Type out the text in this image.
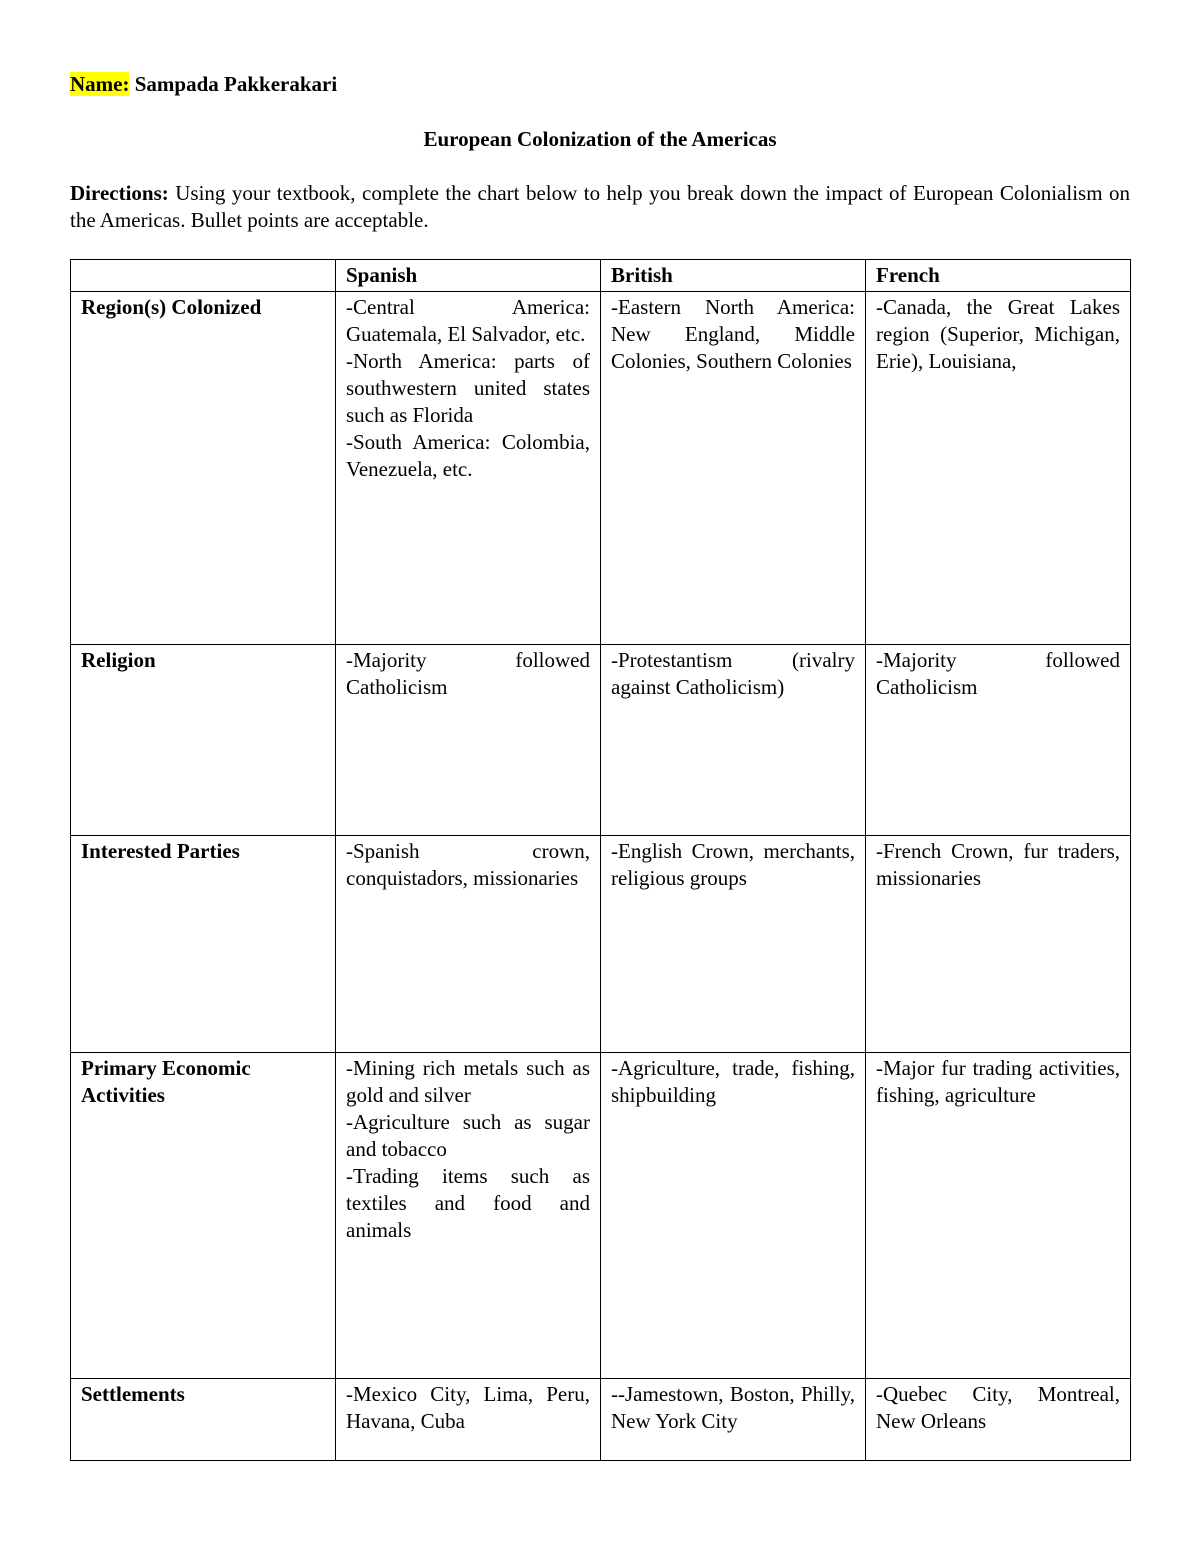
Name: Sampada Pakkerakari
European Colonization of the Americas
Directions: Using your textbook, complete the chart below to help you break down the impact of European Colonialism on the Americas. Bullet points are acceptable.
	Spanish	British	French
Region(s) Colonized	-Central America: Guatemala, El Salvador, etc.
-North America: parts of southwestern united states such as Florida
-South America: Colombia, Venezuela, etc.	-Eastern North America: New England, Middle Colonies, Southern Colonies	-Canada, the Great Lakes region (Superior, Michigan, Erie), Louisiana,

Religion	-Majority followed Catholicism	-Protestantism (rivalry against Catholicism)	-Majority followed Catholicism

Interested Parties	-Spanish crown, conquistadors, missionaries	-English Crown, merchants, religious groups	-French Crown, fur traders, missionaries

Primary Economic Activities	-Mining rich metals such as gold and silver
-Agriculture such as sugar and tobacco
-Trading items such as textiles and food and animals	-Agriculture, trade, fishing, shipbuilding	-Major fur trading activities, fishing, agriculture

Settlements	-Mexico City, Lima, Peru, Havana, Cuba	--Jamestown, Boston, Philly, New York City	-Quebec City, Montreal, New Orleans
